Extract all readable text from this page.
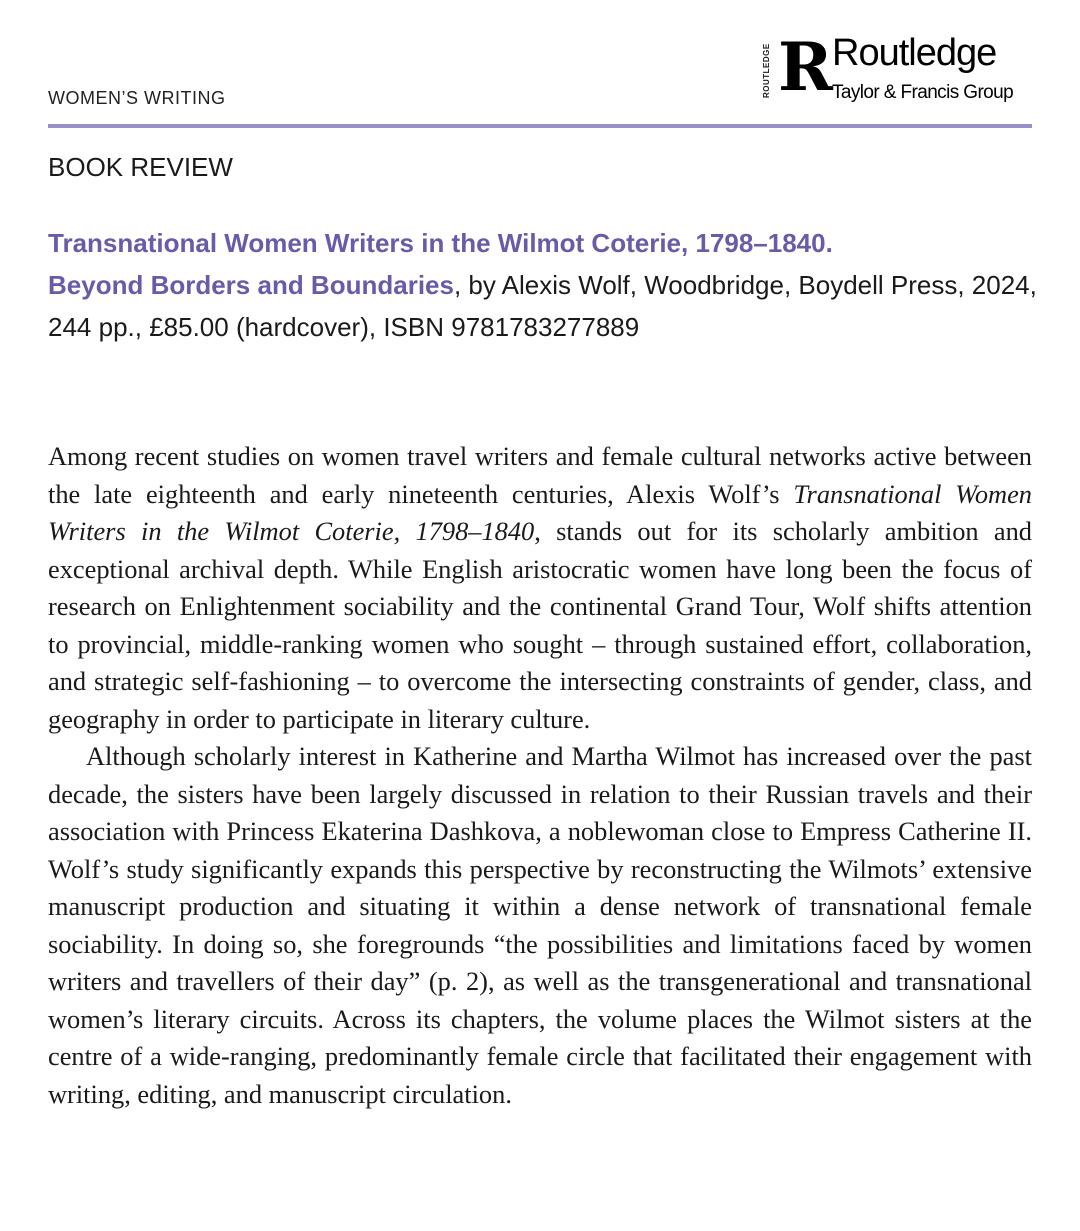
WOMEN’S WRITING	ROUTLEDGE R Routledge
Taylor & Francis Group
BOOK REVIEW
Transnational Women Writers in the Wilmot Coterie, 1798–1840.
Beyond Borders and Boundaries, by Alexis Wolf, Woodbridge, Boydell Press, 2024, 244 pp., £85.00 (hardcover), ISBN 9781783277889

Among recent studies on women travel writers and female cultural networks active between the late eighteenth and early nineteenth centuries, Alexis Wolf’s Transnational Women Writers in the Wilmot Coterie, 1798–1840, stands out for its scholarly ambition and exceptional archival depth. While English aristocratic women have long been the focus of research on Enlightenment sociability and the continental Grand Tour, Wolf shifts attention to provincial, middle-ranking women who sought – through sustained effort, collaboration, and strategic self-fashioning – to overcome the intersecting constraints of gender, class, and geography in order to participate in literary culture.

Although scholarly interest in Katherine and Martha Wilmot has increased over the past decade, the sisters have been largely discussed in relation to their Russian travels and their association with Princess Ekaterina Dashkova, a noblewoman close to Empress Catherine II. Wolf’s study significantly expands this perspective by reconstructing the Wilmots’ extensive manuscript production and situating it within a dense network of transnational female sociability. In doing so, she foregrounds “the possibilities and limitations faced by women writers and travellers of their day” (p. 2), as well as the transgenerational and transnational women’s literary circuits. Across its chapters, the volume places the Wilmot sisters at the centre of a wide-ranging, predominantly female circle that facilitated their engagement with writing, editing, and manuscript circulation.
